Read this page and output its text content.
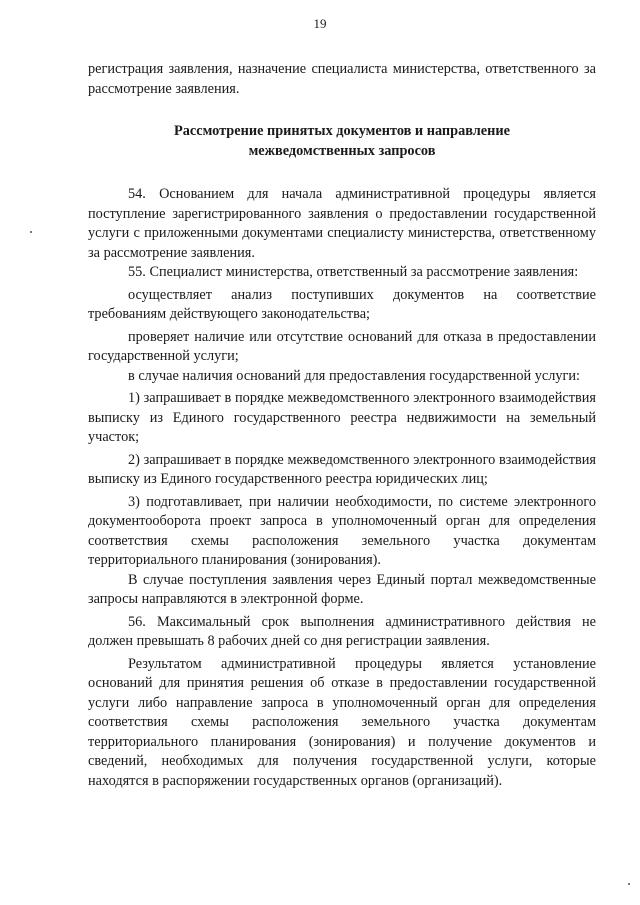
19

регистрация заявления, назначение специалиста министерства, ответственного за рассмотрение заявления.

Рассмотрение принятых документов и направление
межведомственных запросов

54. Основанием для начала административной процедуры является поступление зарегистрированного заявления о предоставлении государственной услуги с приложенными документами специалисту министерства, ответственному за рассмотрение заявления.

55. Специалист министерства, ответственный за рассмотрение заявления:

осуществляет анализ поступивших документов на соответствие требованиям действующего законодательства;

проверяет наличие или отсутствие оснований для отказа в предоставлении государственной услуги;

в случае наличия оснований для предоставления государственной услуги:

1) запрашивает в порядке межведомственного электронного взаимодействия выписку из Единого государственного реестра недвижимости на земельный участок;

2) запрашивает в порядке межведомственного электронного взаимодействия выписку из Единого государственного реестра юридических лиц;

3) подготавливает, при наличии необходимости, по системе электронного документооборота проект запроса в уполномоченный орган для определения соответствия схемы расположения земельного участка документам территориального планирования (зонирования).

В случае поступления заявления через Единый портал межведомственные запросы направляются в электронной форме.

56. Максимальный срок выполнения административного действия не должен превышать 8 рабочих дней со дня регистрации заявления.

Результатом административной процедуры является установление оснований для принятия решения об отказе в предоставлении государственной услуги либо направление запроса в уполномоченный орган для определения соответствия схемы расположения земельного участка документам территориального планирования (зонирования) и получение документов и сведений, необходимых для получения государственной услуги, которые находятся в распоряжении государственных органов (организаций).
